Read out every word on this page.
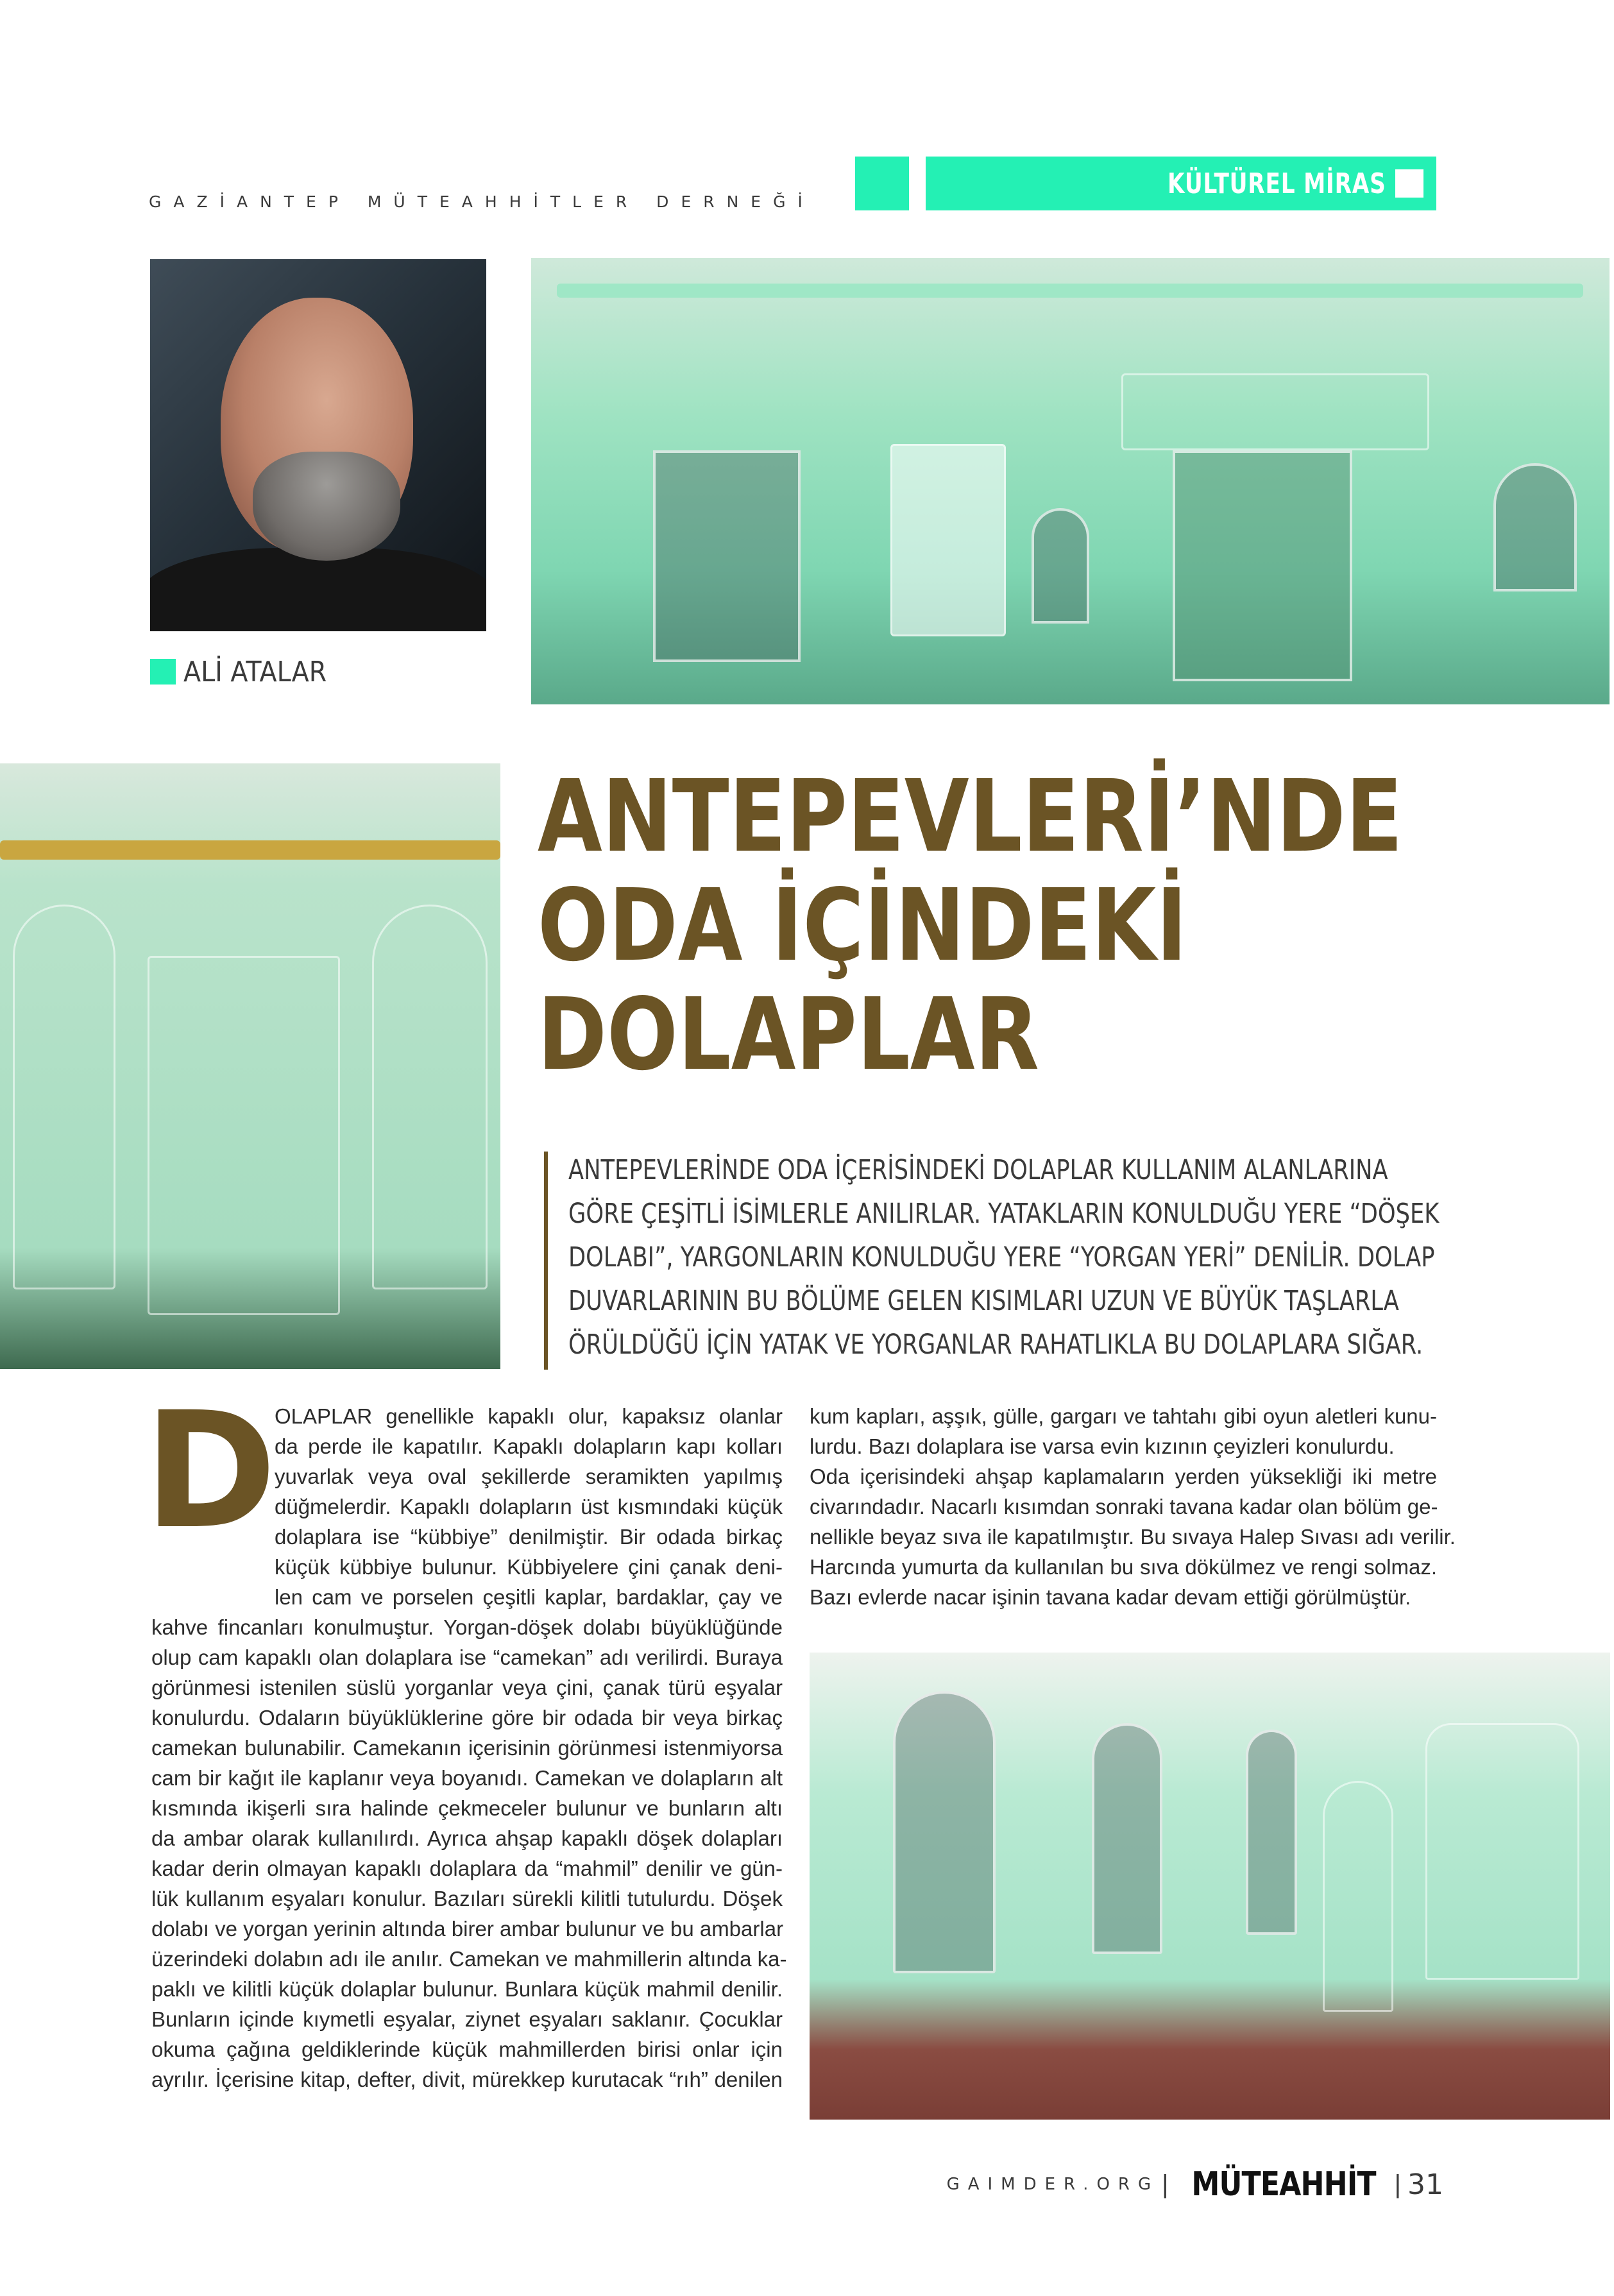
GAZİANTEP MÜTEAHHİTLER DERNEĞİ
KÜLTÜREL MİRAS
ALİ ATALAR
ANTEPEVLERİ’NDE
ODA İÇİNDEKİ
DOLAPLAR

ANTEPEVLERİNDE ODA İÇERİSİNDEKİ DOLAPLAR KULLANIM ALANLARINA
GÖRE ÇEŞİTLİ İSİMLERLE ANILIRLAR. YATAKLARIN KONULDUĞU YERE “DÖŞEK
DOLABI”, YARGONLARIN KONULDUĞU YERE “YORGAN YERİ” DENİLİR. DOLAP
DUVARLARININ BU BÖLÜME GELEN KISIMLARI UZUN VE BÜYÜK TAŞLARLA
ÖRÜLDÜĞÜ İÇİN YATAK VE YORGANLAR RAHATLIKLA BU DOLAPLARA SIĞAR.

D

OLAPLAR genellikle kapaklı olur, kapaksız olanlar
da perde ile kapatılır. Kapaklı dolapların kapı kolları
yuvarlak veya oval şekillerde seramikten yapılmış
düğmelerdir. Kapaklı dolapların üst kısmındaki küçük
dolaplara ise “kübbiye” denilmiştir. Bir odada birkaç
küçük kübbiye bulunur. Kübbiyelere çini çanak deni-
len cam ve porselen çeşitli kaplar, bardaklar, çay ve

kahve fincanları konulmuştur. Yorgan-döşek dolabı büyüklüğünde
olup cam kapaklı olan dolaplara ise “camekan” adı verilirdi. Buraya
görünmesi istenilen süslü yorganlar veya çini, çanak türü eşyalar
konulurdu. Odaların büyüklüklerine göre bir odada bir veya birkaç
camekan bulunabilir. Camekanın içerisinin görünmesi istenmiyorsa
cam bir kağıt ile kaplanır veya boyanıdı. Camekan ve dolapların alt
kısmında ikişerli sıra halinde çekmeceler bulunur ve bunların altı
da ambar olarak kullanılırdı. Ayrıca ahşap kapaklı döşek dolapları
kadar derin olmayan kapaklı dolaplara da “mahmil” denilir ve gün-
lük kullanım eşyaları konulur. Bazıları sürekli kilitli tutulurdu. Döşek
dolabı ve yorgan yerinin altında birer ambar bulunur ve bu ambarlar
üzerindeki dolabın adı ile anılır. Camekan ve mahmillerin altında ka-
paklı ve kilitli küçük dolaplar bulunur. Bunlara küçük mahmil denilir.
Bunların içinde kıymetli eşyalar, ziynet eşyaları saklanır. Çocuklar
okuma çağına geldiklerinde küçük mahmillerden birisi onlar için
ayrılır. İçerisine kitap, defter, divit, mürekkep kurutacak “rıh” denilen

kum kapları, aşşık, gülle, gargarı ve tahtahı gibi oyun aletleri kunu-
lurdu. Bazı dolaplara ise varsa evin kızının çeyizleri konulurdu.
Oda içerisindeki ahşap kaplamaların yerden yüksekliği iki metre
civarındadır. Nacarlı kısımdan sonraki tavana kadar olan bölüm ge-
nellikle beyaz sıva ile kapatılmıştır. Bu sıvaya Halep Sıvası adı verilir.
Harcında yumurta da kullanılan bu sıva dökülmez ve rengi solmaz.
Bazı evlerde nacar işinin tavana kadar devam ettiği görülmüştür.

GAIMDER.ORG | MÜTEAHHİT | 31
